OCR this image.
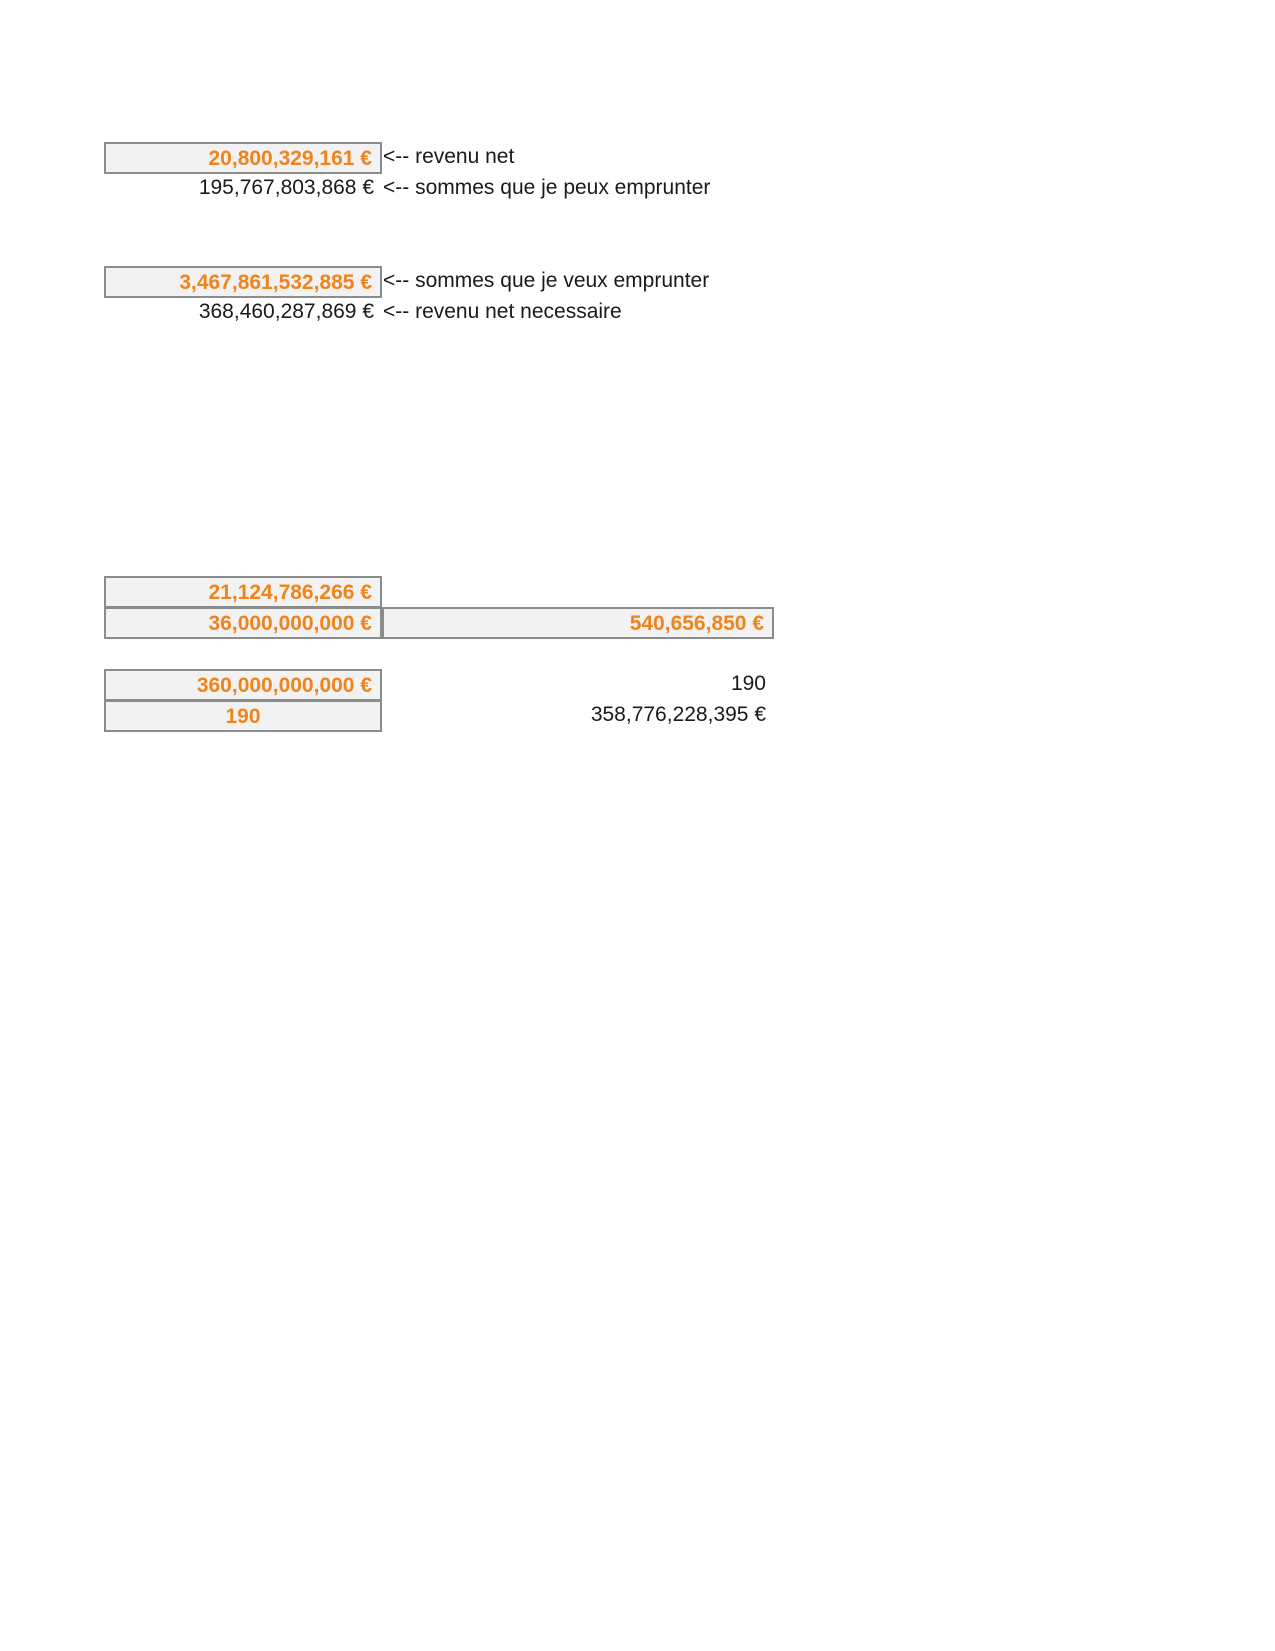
20,800,329,161 € <-- revenu net
195,767,803,868 € <-- sommes que je peux emprunter
3,467,861,532,885 € <-- sommes que je veux emprunter
368,460,287,869 € <-- revenu net necessaire
21,124,786,266 €
36,000,000,000 €	540,656,850 €
360,000,000,000 €
190
190
358,776,228,395 €
